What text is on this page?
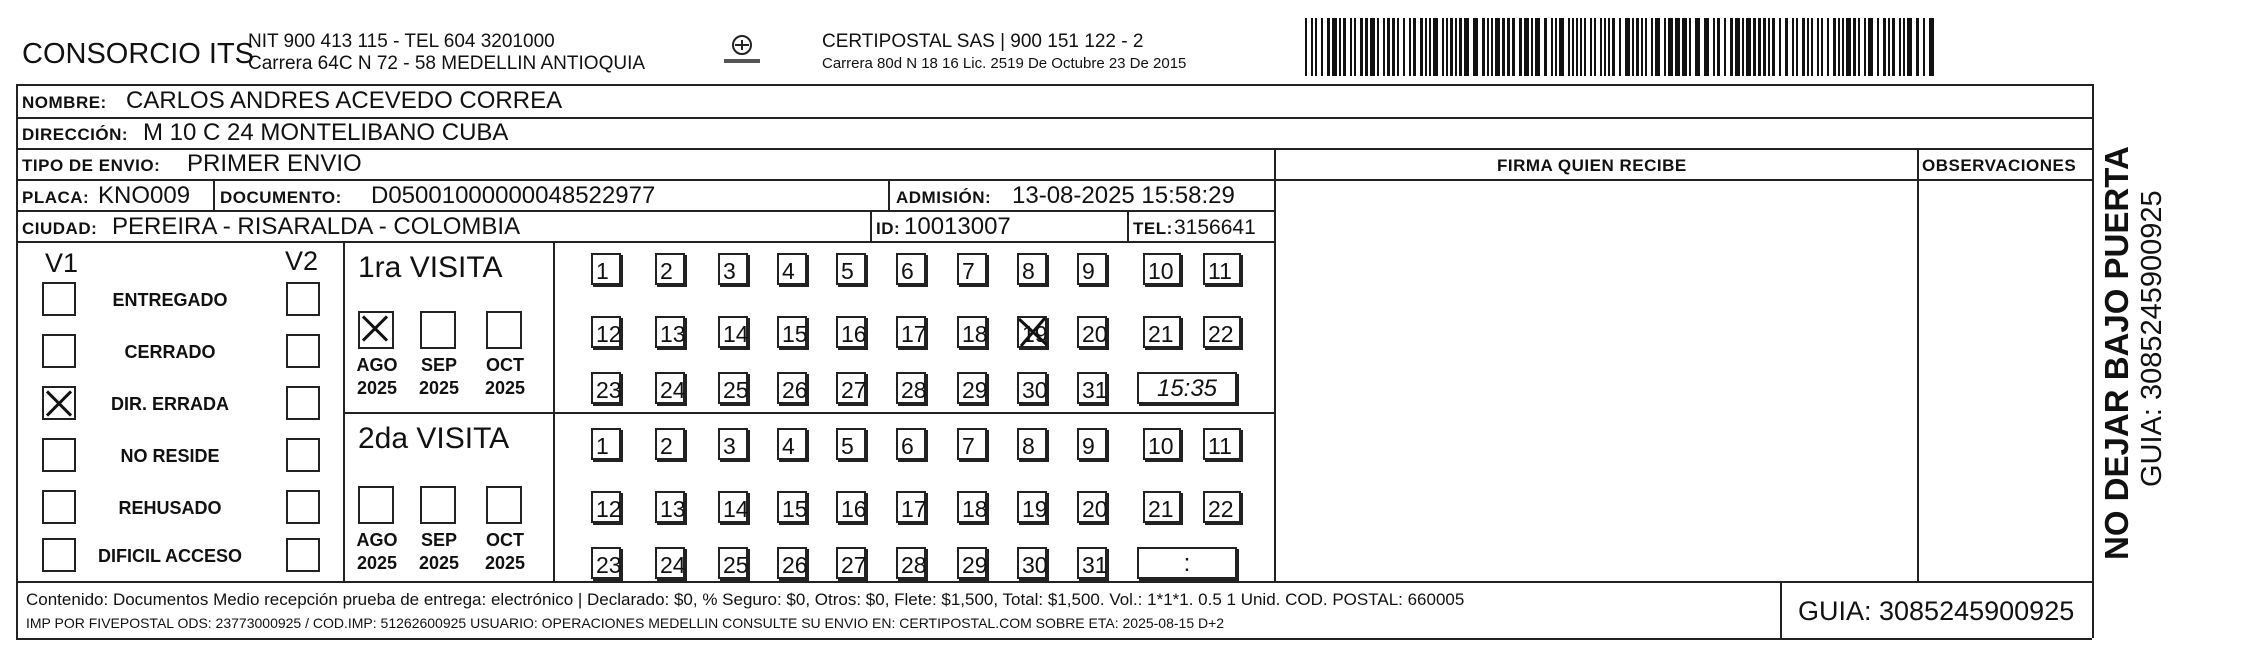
CONSORCIO ITS
NIT 900 413 115 - TEL 604 3201000
Carrera 64C N 72 - 58 MEDELLIN ANTIOQUIA
CERTIPOSTAL SAS | 900 151 122 - 2
Carrera 80d N 18 16 Lic. 2519 De Octubre 23 De 2015
NOMBRE: CARLOS ANDRES ACEVEDO CORREA
DIRECCIÓN: M 10 C 24 MONTELIBANO CUBA
TIPO DE ENVIO: PRIMER ENVIO	FIRMA QUIEN RECIBE	OBSERVACIONES
PLACA: KNO009 DOCUMENTO: D05001000000048522977	ADMISIÓN: 13-08-2025 15:58:29
CIUDAD: PEREIRA - RISARALDA - COLOMBIA	ID: 10013007	TEL: 3156641
V1	V2
ENTREGADO
CERRADO
DIR. ERRADA
NO RESIDE
REHUSADO
DIFICIL ACCESO
1ra VISITA
2da VISITA
AGO
2025
SEP
2025
OCT
2025
1	2	3	4	5	6	7	8	9	10	11
12 13 14 15 16 17 18 19 20 21	22
23 24 25 26 27 28 29 30 31	15:35
AGO
2025
SEP
2025
OCT
2025
1	2	3	4	5	6	7	8	9	10	11
12 13 14 15 16 17 18 19 20 21	22
23 24 25 26 27 28 29 30 31	:
Contenido: Documentos Medio recepción prueba de entrega: electrónico | Declarado: $0, % Seguro: $0, Otros: $0, Flete: $1,500, Total: $1,500. Vol.: 1*1*1. 0.5 1 Unid. COD. POSTAL: 660005
IMP POR FIVEPOSTAL ODS: 23773000925 / COD.IMP: 51262600925 USUARIO: OPERACIONES MEDELLIN CONSULTE SU ENVIO EN: CERTIPOSTAL.COM SOBRE ETA: 2025-08-15 D+2	GUIA: 3085245900925
NO DEJAR BAJO PUERTA GUIA: 3085245900925
